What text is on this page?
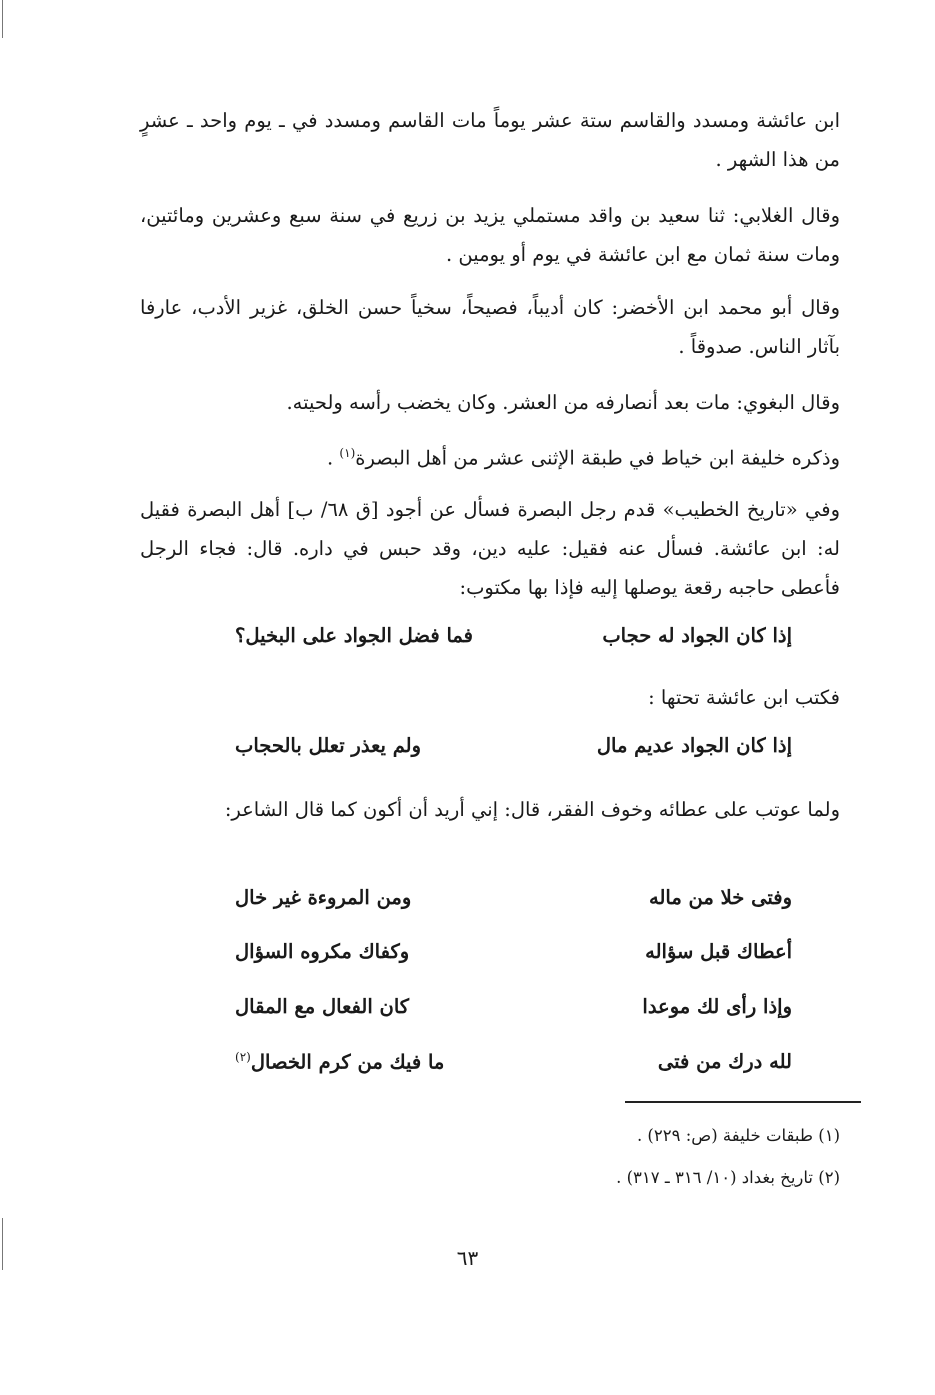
ابن عائشة ومسدد والقاسم ستة عشر يوماً مات القاسم ومسدد في ـ يوم واحد ـ عشرٍ من هذا الشهر .
وقال الغلابي: ثنا سعيد بن واقد مستملي يزيد بن زريع في سنة سبع وعشرين ومائتين، ومات سنة ثمان مع ابن عائشة في يوم أو يومين .
وقال أبو محمد ابن الأخضر: كان أديباً، فصيحاً، سخياً حسن الخلق، غزير الأدب، عارفا بآثار الناس. صدوقاً .
وقال البغوي: مات بعد أنصارفه من العشر. وكان يخضب رأسه ولحيته.
وذكره خليفة ابن خياط في طبقة الإثنى عشر من أهل البصرة$^{(١)}$ .
وفي «تاريخ الخطيب» قدم رجل البصرة فسأل عن أجود [ق ٦٨/ ب] أهل البصرة فقيل له: ابن عائشة. فسأل عنه فقيل: عليه دين، وقد حبس في داره. قال: فجاء الرجل فأعطى حاجبه رقعة يوصلها إليه فإذا بها مكتوب:
إذا كان الجواد له حجاب
فما فضل الجواد على البخيل؟
فكتب ابن عائشة تحتها :
إذا كان الجواد عديم مال
ولم يعذر تعلل بالحجاب
ولما عوتب على عطائه وخوف الفقر، قال: إني أريد أن أكون كما قال الشاعر:
وفتى خلا من ماله
ومن المروءة غير خال
أعطاك قبل سؤاله
وكفاك مكروه السؤال
وإذا رأى لك موعدا
كان الفعال مع المقال
لله درك من فتى
ما فيك من كرم الخصال$^{(٢)}$
(١) طبقات خليفة (ص: ٢٢٩) .
(٢) تاريخ بغداد (١٠/ ٣١٦ ـ ٣١٧) .
٦٣
